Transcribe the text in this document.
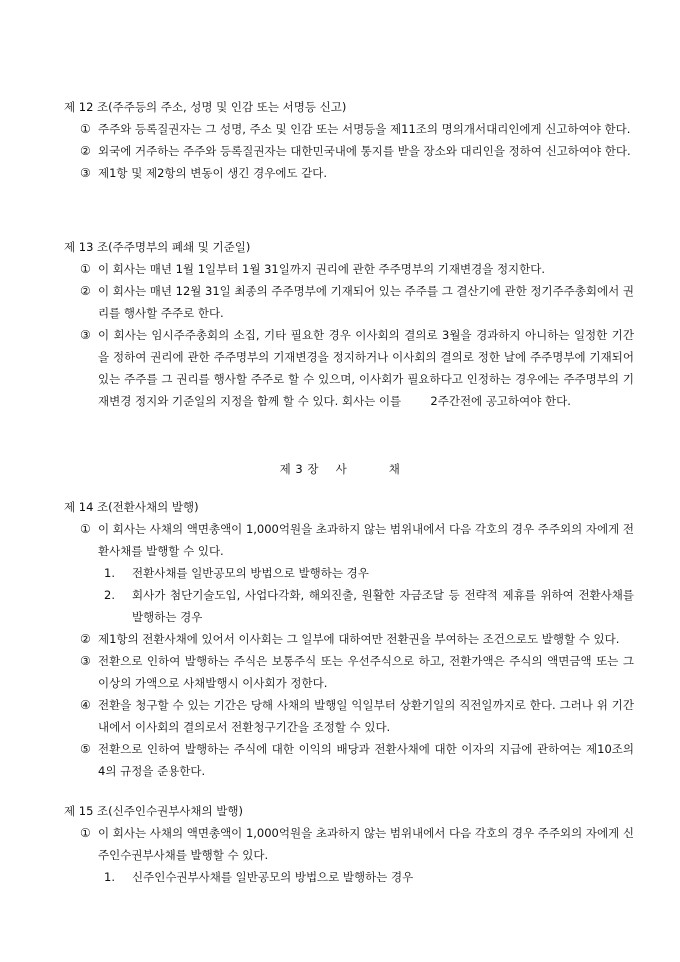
제 12 조(주주등의 주소, 성명 및 인감 또는 서명등 신고)
① 주주와 등록질권자는 그 성명, 주소 및 인감 또는 서명등을 제11조의 명의개서대리인에게 신고하여야 한다.
② 외국에 거주하는 주주와 등록질권자는 대한민국내에 통지를 받을 장소와 대리인을 정하여 신고하여야 한다.
③ 제1항 및 제2항의 변동이 생긴 경우에도 같다.
제 13 조(주주명부의 폐쇄 및 기준일)
① 이 회사는 매년 1월 1일부터 1월 31일까지 권리에 관한 주주명부의 기재변경을 정지한다.
② 이 회사는 매년 12월 31일 최종의 주주명부에 기재되어 있는 주주를 그 결산기에 관한 정기주주총회에서 권리를 행사할 주주로 한다.
③ 이 회사는 임시주주총회의 소집, 기타 필요한 경우 이사회의 결의로 3월을 경과하지 아니하는 일정한 기간을 정하여 권리에 관한 주주명부의 기재변경을 정지하거나 이사회의 결의로 정한 날에 주주명부에 기재되어 있는 주주를 그 권리를 행사할 주주로 할 수 있으며, 이사회가 필요하다고 인정하는 경우에는 주주명부의 기재변경 정지와 기준일의 지정을 함께 할 수 있다. 회사는 이를        2주간전에 공고하여야 한다.
제 3 장    사          채
제 14 조(전환사채의 발행)
① 이 회사는 사채의 액면총액이 1,000억원을 초과하지 않는 범위내에서 다음 각호의 경우 주주외의 자에게 전환사채를 발행할 수 있다.
1. 전환사채를 일반공모의 방법으로 발행하는 경우
2. 회사가 첨단기술도입, 사업다각화, 해외진출, 원활한 자금조달 등 전략적 제휴를 위하여 전환사채를 발행하는 경우
② 제1항의 전환사채에 있어서 이사회는 그 일부에 대하여만 전환권을 부여하는 조건으로도 발행할 수 있다.
③ 전환으로 인하여 발행하는 주식은 보통주식 또는 우선주식으로 하고, 전환가액은 주식의 액면금액 또는 그 이상의 가액으로 사채발행시 이사회가 정한다.
④ 전환을 청구할 수 있는 기간은 당해 사채의 발행일 익일부터 상환기일의 직전일까지로 한다. 그러나 위 기간내에서 이사회의 결의로서 전환청구기간을 조정할 수 있다.
⑤ 전환으로 인하여 발행하는 주식에 대한 이익의 배당과 전환사채에 대한 이자의 지급에 관하여는 제10조의 4의 규정을 준용한다.
제 15 조(신주인수권부사채의 발행)
① 이 회사는 사채의 액면총액이 1,000억원을 초과하지 않는 범위내에서 다음 각호의 경우 주주외의 자에게 신주인수권부사채를 발행할 수 있다.
1. 신주인수권부사채를 일반공모의 방법으로 발행하는 경우
